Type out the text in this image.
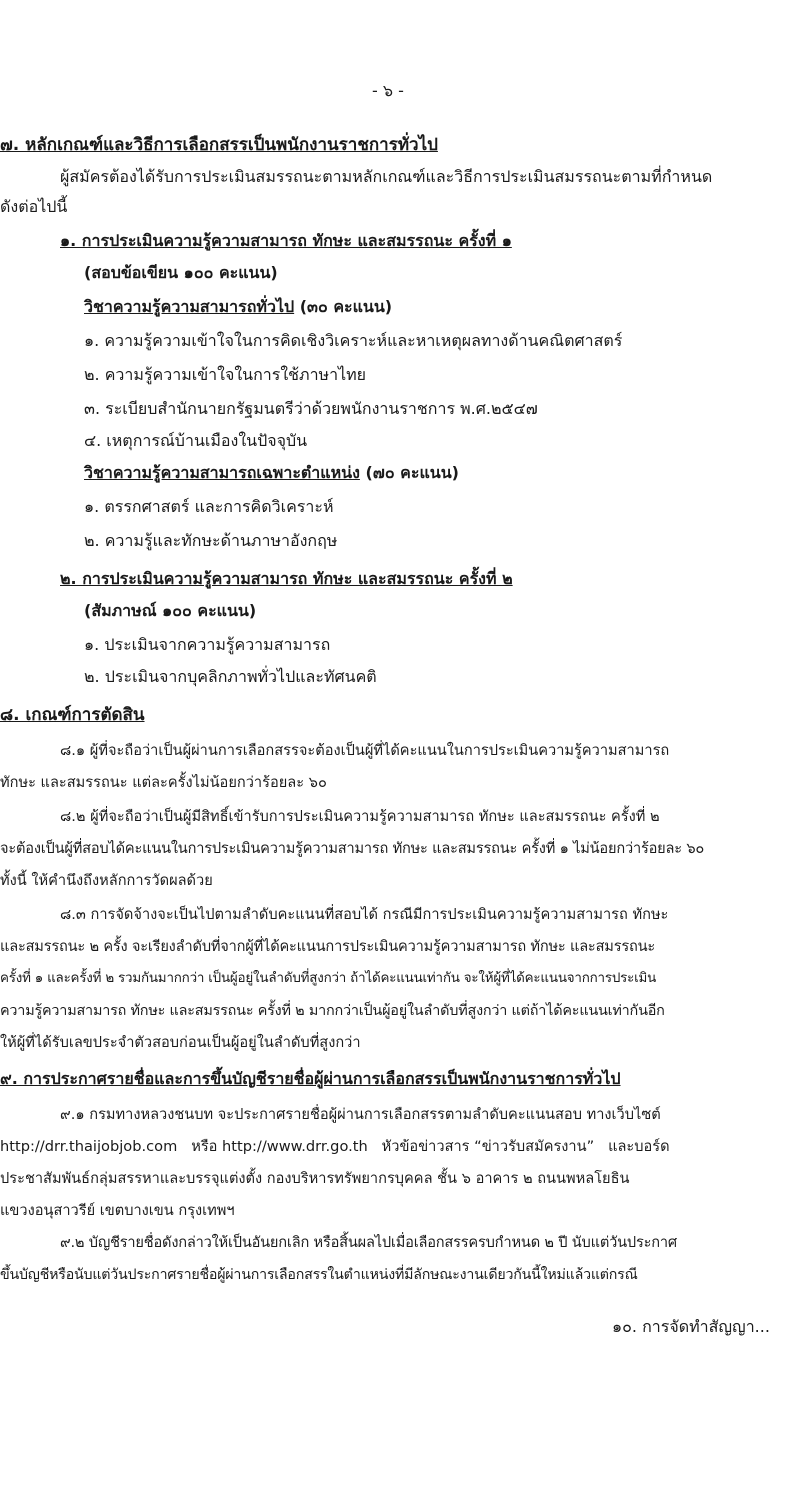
- ๖ -
๗. หลักเกณฑ์และวิธีการเลือกสรรเป็นพนักงานราชการทั่วไป
ผู้สมัครต้องได้รับการประเมินสมรรถนะตามหลักเกณฑ์และวิธีการประเมินสมรรถนะตามที่กำหนด
ดังต่อไปนี้
๑. การประเมินความรู้ความสามารถ ทักษะ และสมรรถนะ ครั้งที่ ๑
(สอบข้อเขียน ๑๐๐ คะแนน)
วิชาความรู้ความสามารถทั่วไป (๓๐ คะแนน)
๑. ความรู้ความเข้าใจในการคิดเชิงวิเคราะห์และหาเหตุผลทางด้านคณิตศาสตร์
๒. ความรู้ความเข้าใจในการใช้ภาษาไทย
๓. ระเบียบสำนักนายกรัฐมนตรีว่าด้วยพนักงานราชการ พ.ศ.๒๕๔๗
๔. เหตุการณ์บ้านเมืองในปัจจุบัน
วิชาความรู้ความสามารถเฉพาะตำแหน่ง (๗๐ คะแนน)
๑. ตรรกศาสตร์ และการคิดวิเคราะห์
๒. ความรู้และทักษะด้านภาษาอังกฤษ
๒. การประเมินความรู้ความสามารถ ทักษะ และสมรรถนะ ครั้งที่ ๒
(สัมภาษณ์ ๑๐๐ คะแนน)
๑. ประเมินจากความรู้ความสามารถ
๒. ประเมินจากบุคลิกภาพทั่วไปและทัศนคติ
๘. เกณฑ์การตัดสิน
๘.๑ ผู้ที่จะถือว่าเป็นผู้ผ่านการเลือกสรรจะต้องเป็นผู้ที่ได้คะแนนในการประเมินความรู้ความสามารถ
ทักษะ และสมรรถนะ แต่ละครั้งไม่น้อยกว่าร้อยละ ๖๐
๘.๒ ผู้ที่จะถือว่าเป็นผู้มีสิทธิ์เข้ารับการประเมินความรู้ความสามารถ ทักษะ และสมรรถนะ ครั้งที่ ๒
จะต้องเป็นผู้ที่สอบได้คะแนนในการประเมินความรู้ความสามารถ ทักษะ และสมรรถนะ ครั้งที่ ๑ ไม่น้อยกว่าร้อยละ ๖๐
ทั้งนี้ ให้คำนึงถึงหลักการวัดผลด้วย
๘.๓ การจัดจ้างจะเป็นไปตามลำดับคะแนนที่สอบได้ กรณีมีการประเมินความรู้ความสามารถ ทักษะ
และสมรรถนะ ๒ ครั้ง จะเรียงลำดับที่จากผู้ที่ได้คะแนนการประเมินความรู้ความสามารถ ทักษะ และสมรรถนะ
ครั้งที่ ๑ และครั้งที่ ๒ รวมกันมากกว่า เป็นผู้อยู่ในลำดับที่สูงกว่า ถ้าได้คะแนนเท่ากัน จะให้ผู้ที่ได้คะแนนจากการประเมิน
ความรู้ความสามารถ ทักษะ และสมรรถนะ ครั้งที่ ๒ มากกว่าเป็นผู้อยู่ในลำดับที่สูงกว่า แต่ถ้าได้คะแนนเท่ากันอีก
ให้ผู้ที่ได้รับเลขประจำตัวสอบก่อนเป็นผู้อยู่ในลำดับที่สูงกว่า
๙. การประกาศรายชื่อและการขึ้นบัญชีรายชื่อผู้ผ่านการเลือกสรรเป็นพนักงานราชการทั่วไป
๙.๑ กรมทางหลวงชนบท จะประกาศรายชื่อผู้ผ่านการเลือกสรรตามลำดับคะแนนสอบ ทางเว็บไซต์
http://drr.thaijobjob.com   หรือ http://www.drr.go.th   หัวข้อข่าวสาร “ข่าวรับสมัครงาน”   และบอร์ด
ประชาสัมพันธ์กลุ่มสรรหาและบรรจุแต่งตั้ง กองบริหารทรัพยากรบุคคล ชั้น ๖ อาคาร ๒ ถนนพหลโยธิน
แขวงอนุสาวรีย์ เขตบางเขน กรุงเทพฯ
๙.๒ บัญชีรายชื่อดังกล่าวให้เป็นอันยกเลิก หรือสิ้นผลไปเมื่อเลือกสรรครบกำหนด ๒ ปี นับแต่วันประกาศ
ขึ้นบัญชีหรือนับแต่วันประกาศรายชื่อผู้ผ่านการเลือกสรรในตำแหน่งที่มีลักษณะงานเดียวกันนี้ใหม่แล้วแต่กรณี
๑๐. การจัดทำสัญญา...
